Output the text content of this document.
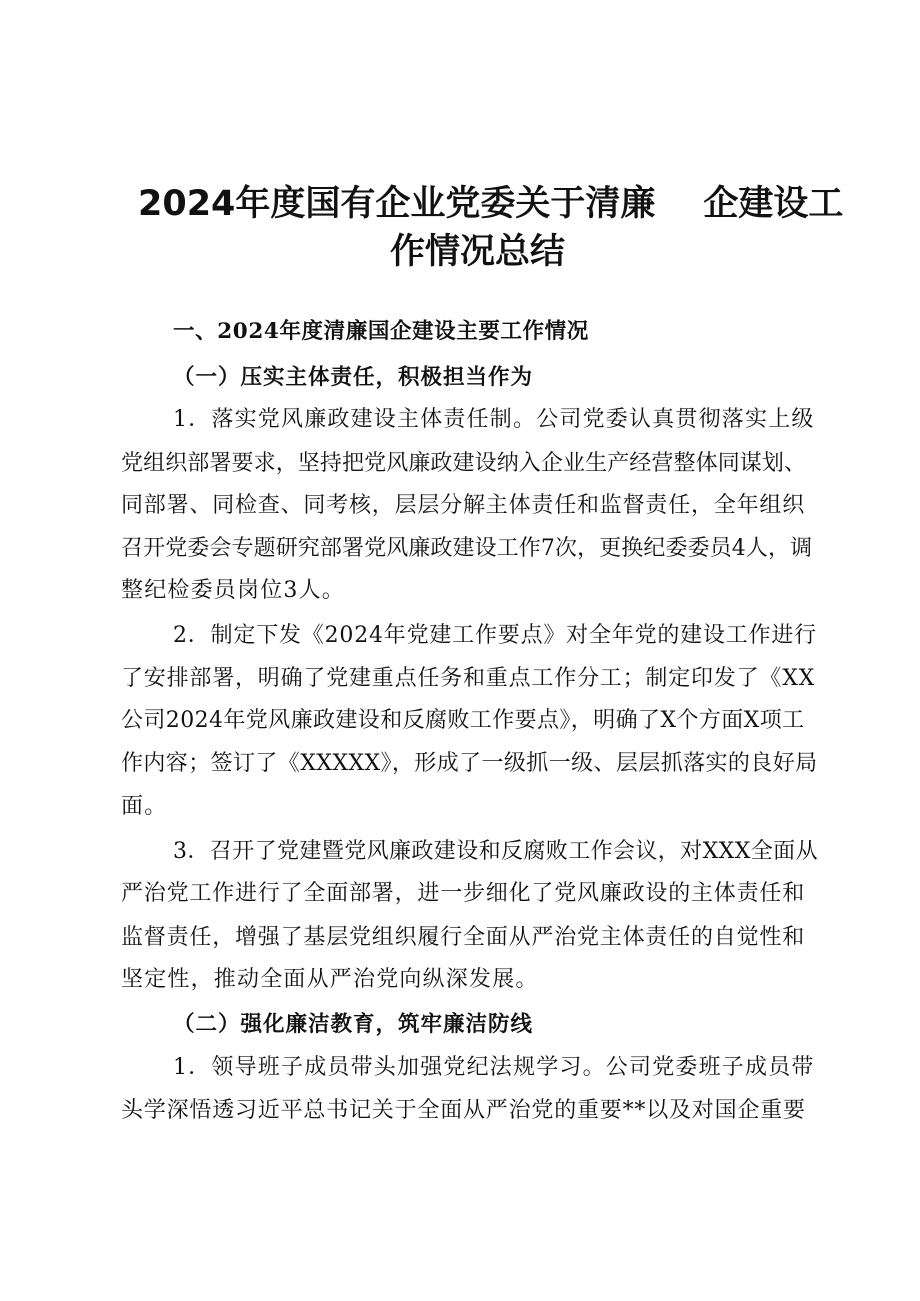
2024年度国有企业党委关于清廉 企建设工
作情况总结
一、2024年度清廉国企建设主要工作情况
（一）压实主体责任，积极担当作为
1．落实党风廉政建设主体责任制。公司党委认真贯彻落实上级
党组织部署要求，坚持把党风廉政建设纳入企业生产经营整体同谋划、
同部署、同检查、同考核，层层分解主体责任和监督责任，全年组织
召开党委会专题研究部署党风廉政建设工作7次，更换纪委委员4人，调
整纪检委员岗位3人。
2．制定下发《2024年党建工作要点》对全年党的建设工作进行
了安排部署，明确了党建重点任务和重点工作分工；制定印发了《XX
公司2024年党风廉政建设和反腐败工作要点》，明确了X个方面X项工
作内容；签订了《XXXXX》，形成了一级抓一级、层层抓落实的良好局
面。
3．召开了党建暨党风廉政建设和反腐败工作会议，对XXX全面从
严治党工作进行了全面部署，进一步细化了党风廉政设的主体责任和
监督责任，增强了基层党组织履行全面从严治党主体责任的自觉性和
坚定性，推动全面从严治党向纵深发展。
（二）强化廉洁教育，筑牢廉洁防线
1．领导班子成员带头加强党纪法规学习。公司党委班子成员带
头学深悟透习近平总书记关于全面从严治党的重要**以及对国企重要
